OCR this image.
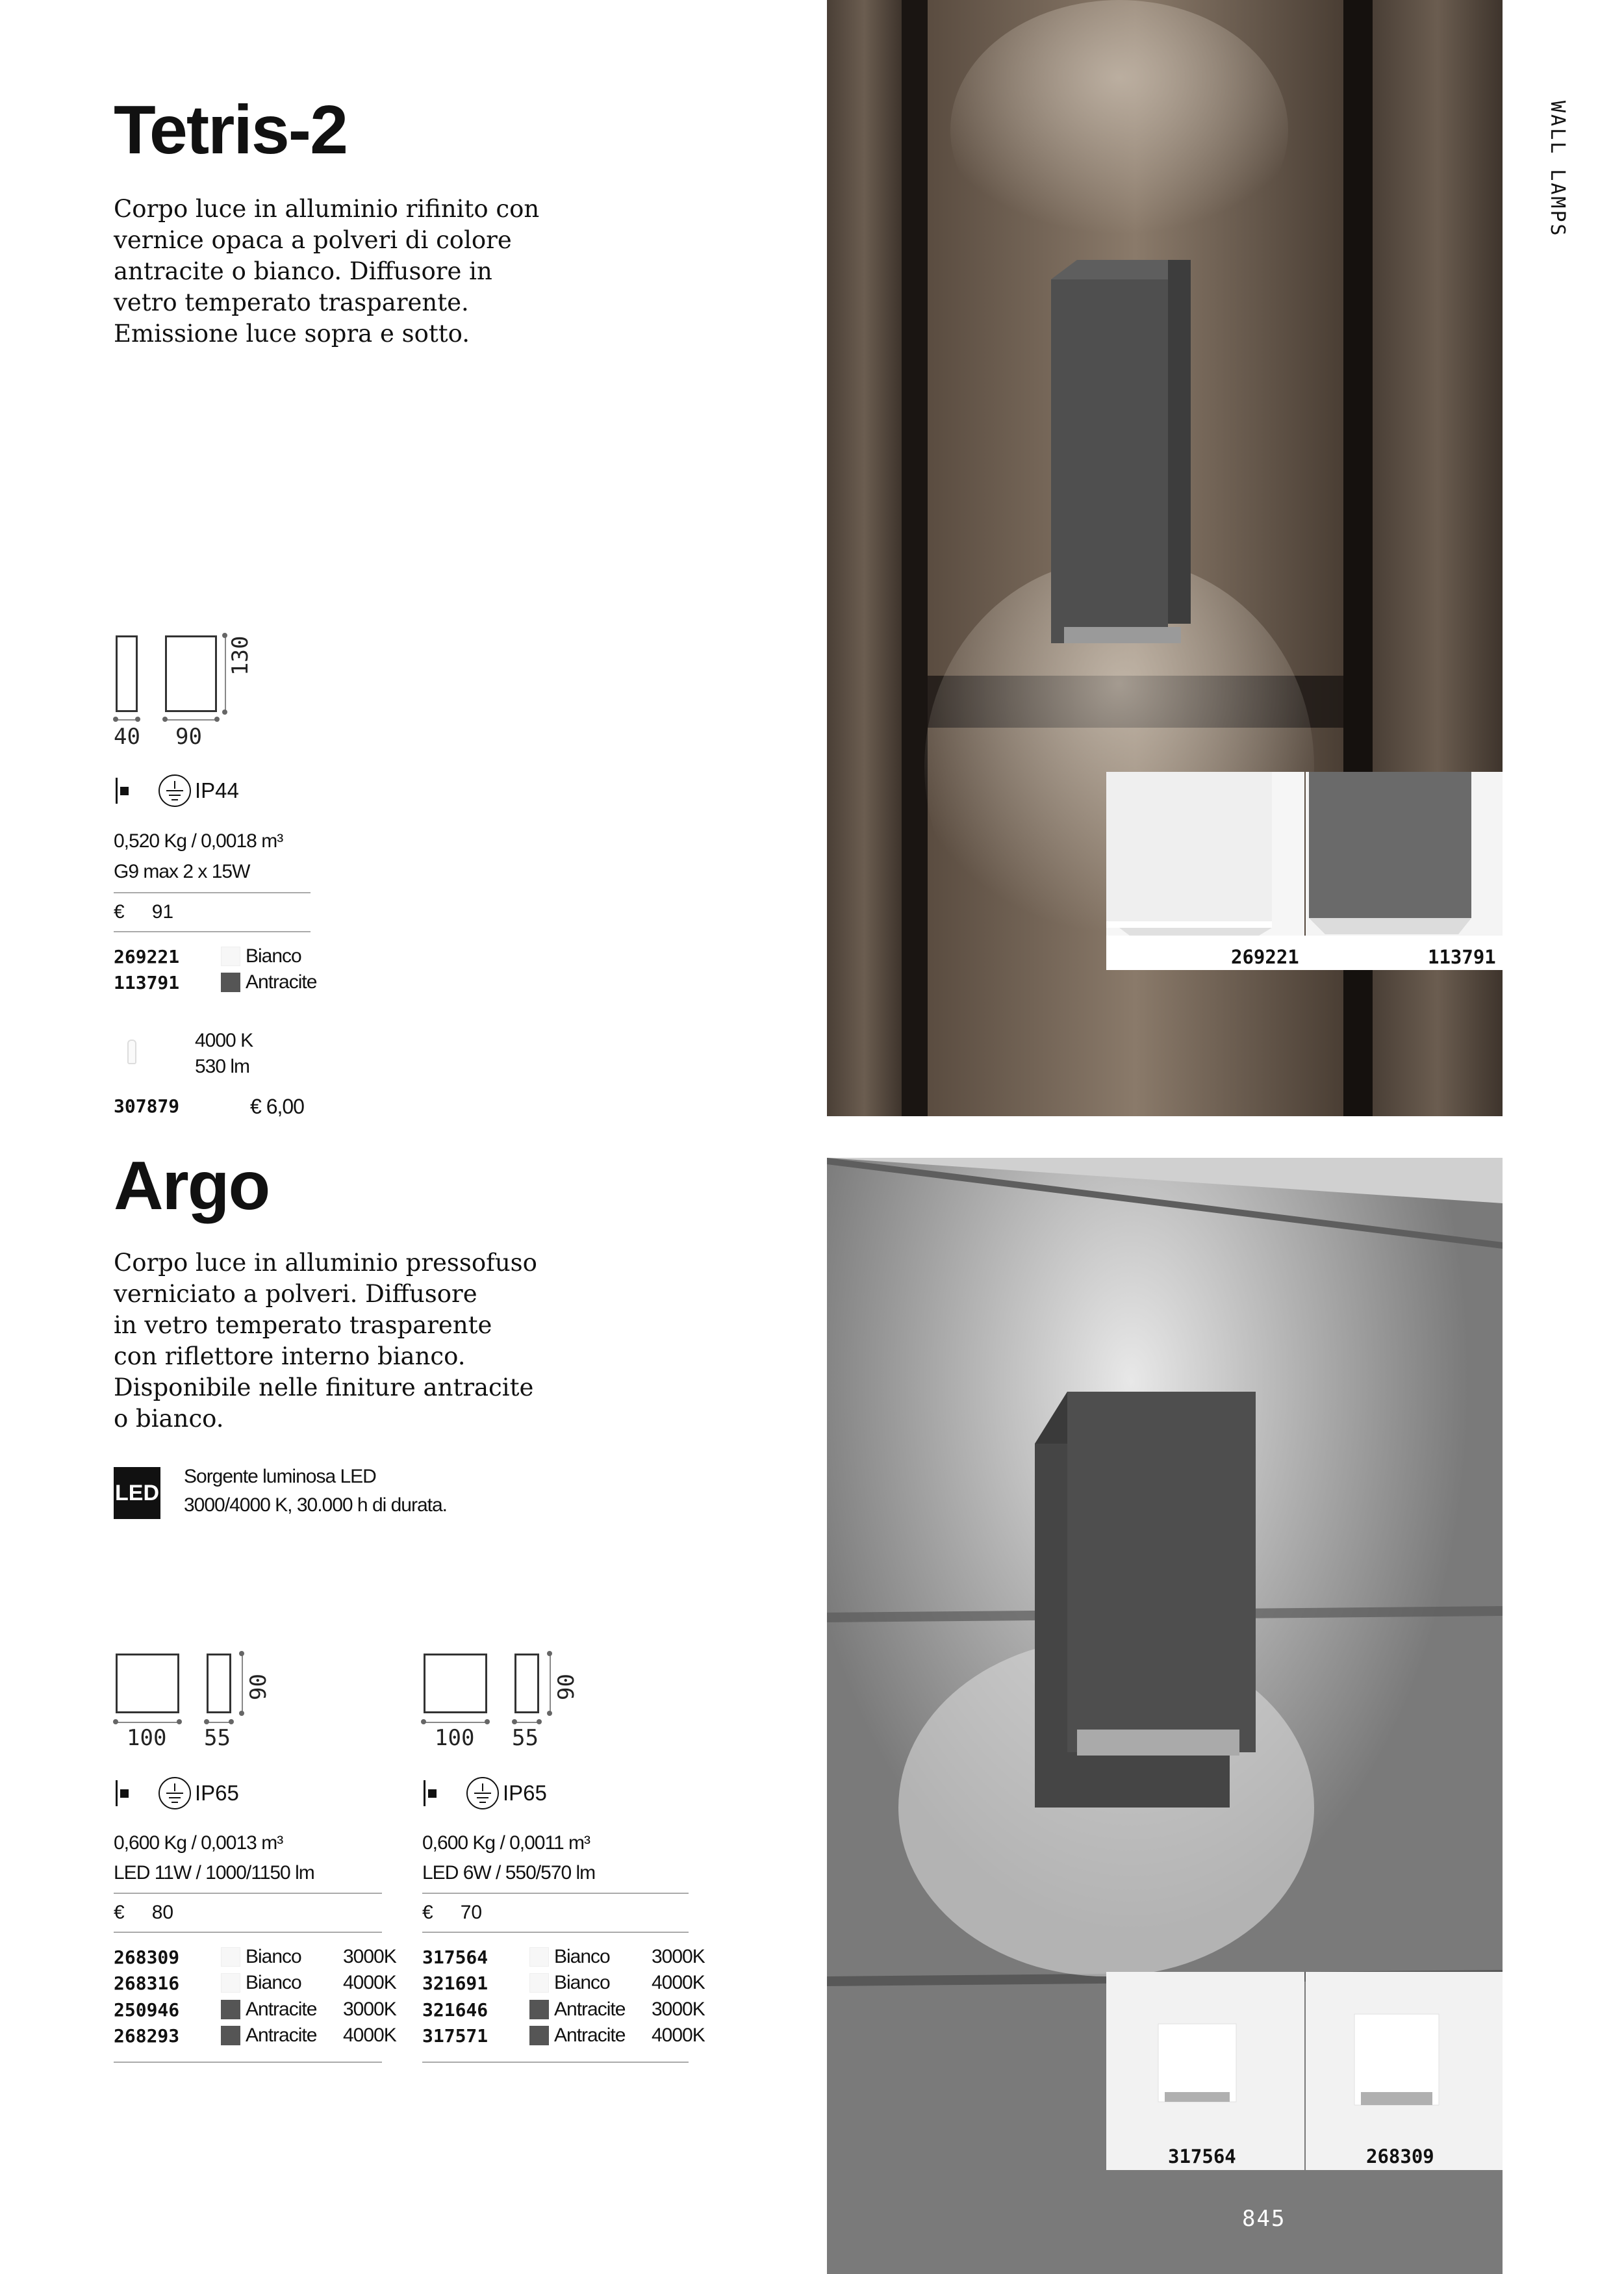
WALL LAMPS
Tetris-2
Corpo luce in alluminio rifinito con
vernice opaca a polveri di colore
antracite o bianco. Diffusore in
vetro temperato trasparente.
Emissione luce sopra e sotto.
40 90
130
IP44
0,520 Kg / 0,0018 m³
G9 max 2 x 15W
€ 91
269221	Bianco
113791	Antracite
4000 K
530 lm
307879	€ 6,00
269221	113791
Argo
Corpo luce in alluminio pressofuso
verniciato a polveri. Diffusore
in vetro temperato trasparente
con riflettore interno bianco.
Disponibile nelle finiture antracite
o bianco.
LED
Sorgente luminosa LED
3000/4000 K, 30.000 h di durata.
100 55
90
IP65
0,600 Kg / 0,0013 m³
LED 11W / 1000/1150 lm
€ 80
268309	Bianco	3000K
268316	Bianco	4000K
250946	Antracite	3000K
268293	Antracite	4000K
100 55
90
IP65
0,600 Kg / 0,0011 m³
LED 6W / 550/570 lm
€ 70
317564	Bianco	3000K
321691	Bianco	4000K
321646	Antracite	3000K
317571	Antracite	4000K
317564	268309
845
